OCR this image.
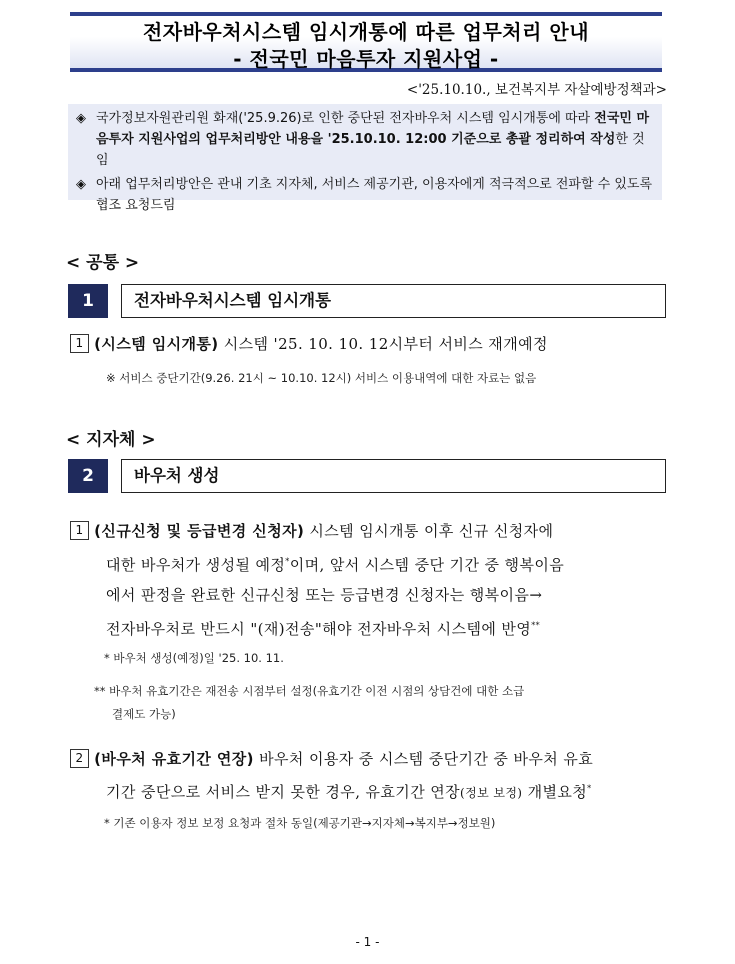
전자바우처시스템 임시개통에 따른 업무처리 안내
- 전국민 마음투자 지원사업 -
<'25.10.10., 보건복지부 자살예방정책과>
◈ 국가정보자원관리원 화재('25.9.26)로 인한 중단된 전자바우처 시스템 임시개통에 따라 전국민 마음투자 지원사업의 업무처리방안 내용을 '25.10.10. 12:00 기준으로 총괄 정리하여 작성한 것임
◈ 아래 업무처리방안은 관내 기초 지자체, 서비스 제공기관, 이용자에게 적극적으로 전파할 수 있도록 협조 요청드림
< 공통 >
1	전자바우처시스템 임시개통
1 (시스템 임시개통) 시스템 '25. 10. 10. 12시부터 서비스 재개예정
※ 서비스 중단기간(9.26. 21시 ~ 10.10. 12시) 서비스 이용내역에 대한 자료는 없음
< 지자체 >
2	바우처 생성
1 (신규신청 및 등급변경 신청자) 시스템 임시개통 이후 신규 신청자에
대한 바우처가 생성될 예정*이며, 앞서 시스템 중단 기간 중 행복이음
에서 판정을 완료한 신규신청 또는 등급변경 신청자는 행복이음→
전자바우처로 반드시 "(재)전송"해야 전자바우처 시스템에 반영**
* 바우처 생성(예정)일 '25. 10. 11.
** 바우처 유효기간은 재전송 시점부터 설정(유효기간 이전 시점의 상담건에 대한 소급
결제도 가능)
2 (바우처 유효기간 연장) 바우처 이용자 중 시스템 중단기간 중 바우처 유효
기간 중단으로 서비스 받지 못한 경우, 유효기간 연장(정보 보정) 개별요청*
* 기존 이용자 정보 보정 요청과 절차 동일(제공기관→지자체→복지부→정보원)
- 1 -
